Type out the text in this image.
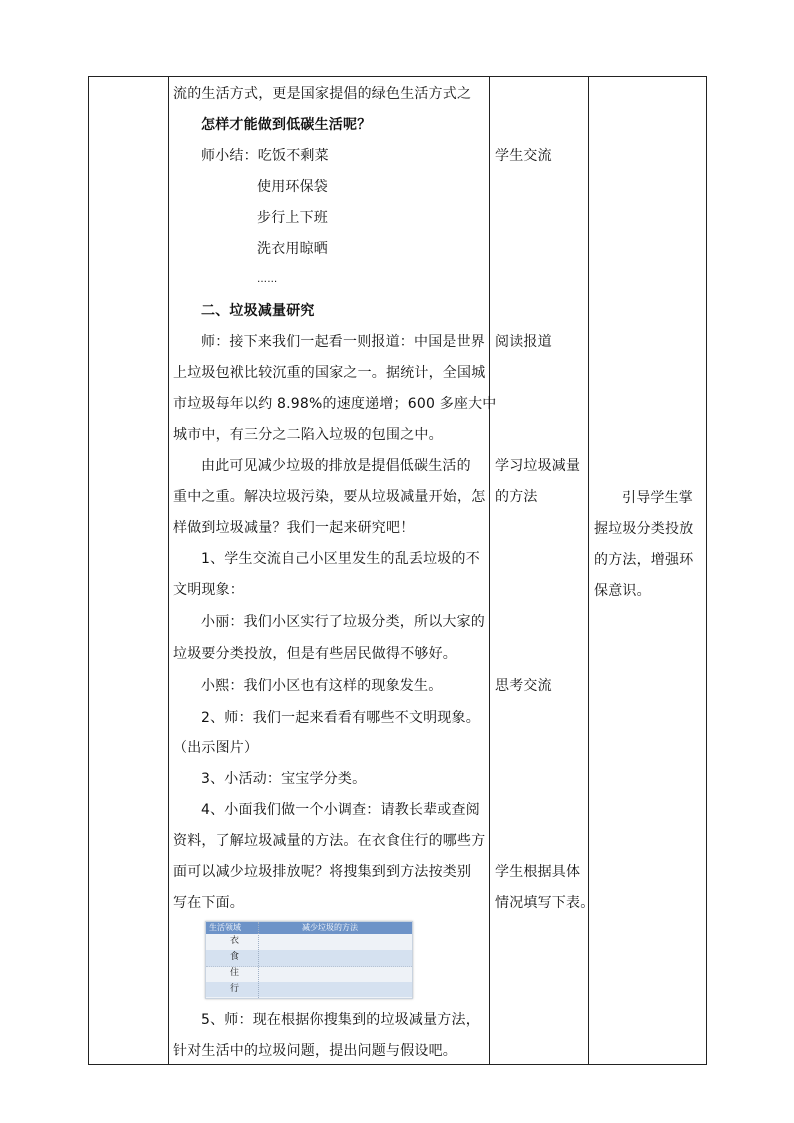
流的生活方式，更是国家提倡的绿色生活方式之
怎样才能做到低碳生活呢？
师小结：吃饭不剩菜
使用环保袋
步行上下班
洗衣用晾晒
……
二、垃圾减量研究
师：接下来我们一起看一则报道：中国是世界
上垃圾包袱比较沉重的国家之一。据统计，全国城
市垃圾每年以约 8.98%的速度递增；600 多座大中
城市中，有三分之二陷入垃圾的包围之中。
由此可见减少垃圾的排放是提倡低碳生活的
重中之重。解决垃圾污染，要从垃圾减量开始，怎
样做到垃圾减量？我们一起来研究吧！
1、学生交流自己小区里发生的乱丢垃圾的不
文明现象：
小丽：我们小区实行了垃圾分类，所以大家的
垃圾要分类投放，但是有些居民做得不够好。
小熙：我们小区也有这样的现象发生。
2、师：我们一起来看看有哪些不文明现象。
（出示图片）
3、小活动：宝宝学分类。
4、小面我们做一个小调查：请教长辈或查阅
资料，了解垃圾减量的方法。在衣食住行的哪些方
面可以减少垃圾排放呢？将搜集到到方法按类别
写在下面。
生活领域	减少垃圾的方法
衣
食
住
行
5、师：现在根据你搜集到的垃圾减量方法，
针对生活中的垃圾问题，提出问题与假设吧。
学生交流
阅读报道
学习垃圾减量
的方法
思考交流
学生根据具体
情况填写下表。
引导学生掌
握垃圾分类投放
的方法，增强环
保意识。
